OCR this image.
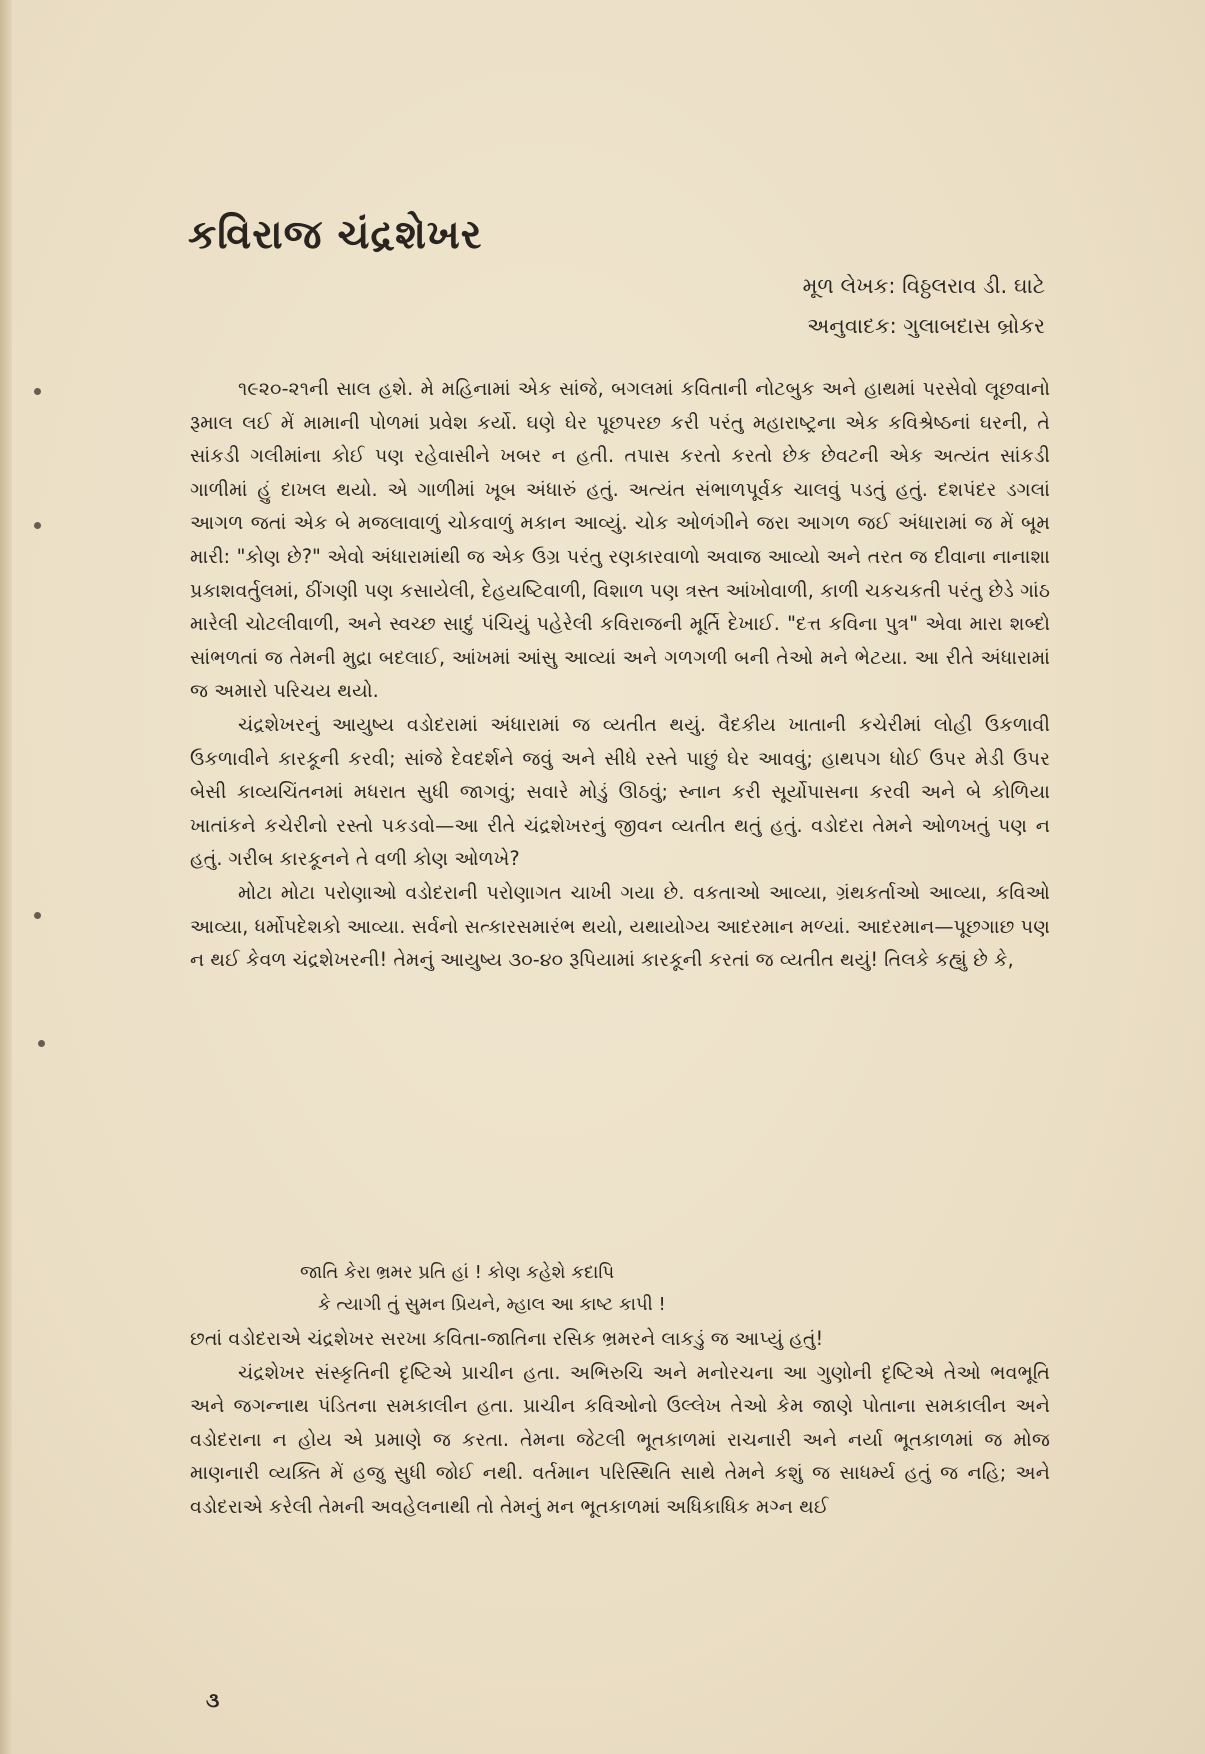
કવિરાજ ચંદ્રશેખર
મૂળ લેખક: વિઠ્ઠલરાવ ડી. ઘાટે
અનુવાદક: ગુલાબદાસ બ્રોકર

૧૯૨૦-૨૧ની સાલ હશે. મે મહિનામાં એક સાંજે, બગલમાં કવિતાની નોટબુક અને હાથમાં પરસેવો લૂછવાનો રૂમાલ લઈ મેં મામાની પોળમાં પ્રવેશ કર્યો. ઘણે ઘેર પૂછપરછ કરી પરંતુ મહારાષ્ટ્રના એક કવિશ્રેષ્ઠનાં ઘરની, તે સાંકડી ગલીમાંના કોઈ પણ રહેવાસીને ખબર ન હતી. તપાસ કરતો કરતો છેક છેવટની એક અત્યંત સાંકડી ગાળીમાં હું દાખલ થયો. એ ગાળીમાં ખૂબ અંધારું હતું. અત્યંત સંભાળપૂર્વક ચાલવું પડતું હતું. દશપંદર ડગલાં આગળ જતાં એક બે મજલાવાળું ચોકવાળું મકાન આવ્યું. ચોક ઓળંગીને જરા આગળ જઈ અંધારામાં જ મેં બૂમ મારી: "કોણ છે?" એવો અંધારામાંથી જ એક ઉગ્ર પરંતુ રણકારવાળો અવાજ આવ્યો અને તરત જ દીવાના નાનાશા પ્રકાશવર્તુલમાં, ઠીંગણી પણ કસાયેલી, દેહયષ્ટિવાળી, વિશાળ પણ ત્રસ્ત આંખોવાળી, કાળી ચકચકતી પરંતુ છેડે ગાંઠ મારેલી ચોટલીવાળી, અને સ્વચ્છ સાદું પંચિયું પહેરેલી કવિરાજની મૂર્તિ દેખાઈ. "દત્ત કવિના પુત્ર" એવા મારા શબ્દો સાંભળતાં જ તેમની મુદ્રા બદલાઈ, આંખમાં આંસુ આવ્યાં અને ગળગળી બની તેઓ મને ભેટયા. આ રીતે અંધારામાં જ અમારો પરિચય થયો.

ચંદ્રશેખરનું આયુષ્ય વડોદરામાં અંધારામાં જ વ્યતીત થયું. વૈદકીય ખાતાની કચેરીમાં લોહી ઉકળાવી ઉકળાવીને કારકૂની કરવી; સાંજે દેવદર્શને જવું અને સીધે રસ્તે પાછું ઘેર આવવું; હાથપગ ધોઈ ઉપર મેડી ઉપર બેસી કાવ્યચિંતનમાં મધરાત સુધી જાગવું; સવારે મોડું ઊઠવું; સ્નાન કરી સૂર્યોપાસના કરવી અને બે કોળિયા ખાતાંકને કચેરીનો રસ્તો પકડવો—આ રીતે ચંદ્રશેખરનું જીવન વ્યતીત થતું હતું. વડોદરા તેમને ઓળખતું પણ ન હતું. ગરીબ કારકૂનને તે વળી કોણ ઓળખે?

મોટા મોટા પરોણાઓ વડોદરાની પરોણાગત ચાખી ગયા છે. વકતાઓ આવ્યા, ગ્રંથકર્તાઓ આવ્યા, કવિઓ આવ્યા, ધર્મોપદેશકો આવ્યા. સર્વનો સત્કારસમારંભ થયો, યથાયોગ્ય આદરમાન મળ્યાં. આદરમાન—પૂછગાછ પણ ન થઈ કેવળ ચંદ્રશેખરની! તેમનું આયુષ્ય ૩૦-૪૦ રૂપિયામાં કારકૂની કરતાં જ વ્યતીત થયું! તિલકે કહ્યું છે કે,

જાતિ કેરા ભ્રમર પ્રતિ હાં ! કોણ કહેશે કદાપિ
કે ત્યાગી તું સુમન પ્રિયને, મ્હાલ આ કાષ્ટ કાપી !

છતાં વડોદરાએ ચંદ્રશેખર સરખા કવિતા-જાતિના રસિક ભ્રમરને લાકડું જ આપ્યું હતું!

ચંદ્રશેખર સંસ્કૃતિની દૃષ્ટિએ પ્રાચીન હતા. અભિરુચિ અને મનોરચના આ ગુણોની દૃષ્ટિએ તેઓ ભવભૂતિ અને જગન્નાથ પંડિતના સમકાલીન હતા. પ્રાચીન કવિઓનો ઉલ્લેખ તેઓ કેમ જાણે પોતાના સમકાલીન અને વડોદરાના ન હોય એ પ્રમાણે જ કરતા. તેમના જેટલી ભૂતકાળમાં રાચનારી અને નર્યા ભૂતકાળમાં જ મોજ માણનારી વ્યક્તિ મેં હજુ સુધી જોઈ નથી. વર્તમાન પરિસ્થિતિ સાથે તેમને કશું જ સાધર્મ્ય હતું જ નહિ; અને વડોદરાએ કરેલી તેમની અવહેલનાથી તો તેમનું મન ભૂતકાળમાં અધિકાધિક મગ્ન થઈ

૩
